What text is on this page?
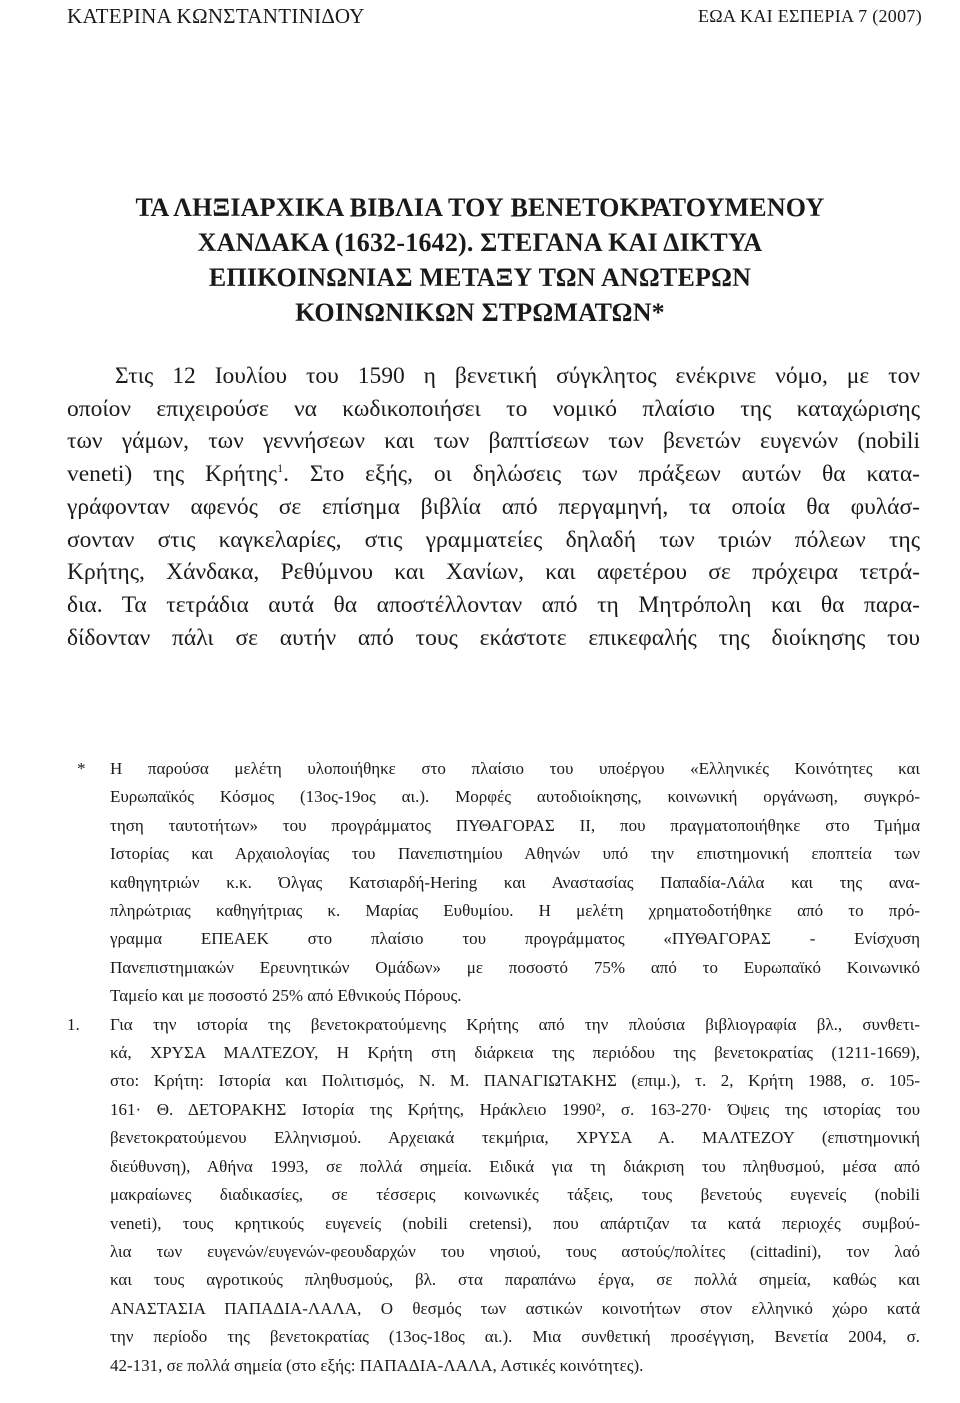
ΚΑΤΕΡΙΝΑ ΚΩΝΣΤΑΝΤΙΝΙΔΟΥ	ΕΩΑ ΚΑΙ ΕΣΠΕΡΙΑ 7 (2007)
ΤΑ ΛΗΞΙΑΡΧΙΚΑ ΒΙΒΛΙΑ ΤΟΥ ΒΕΝΕΤΟΚΡΑΤΟΥΜΕΝΟΥ
ΧΑΝΔΑΚΑ (1632-1642). ΣΤΕΓΑΝΑ ΚΑΙ ΔΙΚΤΥΑ
ΕΠΙΚΟΙΝΩΝΙΑΣ ΜΕΤΑΞΥ ΤΩΝ ΑΝΩΤΕΡΩΝ
ΚΟΙΝΩΝΙΚΩΝ ΣΤΡΩΜΑΤΩΝ*
Στις 12 Ιουλίου του 1590 η βενετική σύγκλητος ενέκρινε νόμο, με τον
οποίον επιχειρούσε να κωδικοποιήσει το νομικό πλαίσιο της καταχώρισης
των γάμων, των γεννήσεων και των βαπτίσεων των βενετών ευγενών (nobili
veneti) της Κρήτης$^1$. Στο εξής, οι δηλώσεις των πράξεων αυτών θα κατα-
γράφονταν αφενός σε επίσημα βιβλία από περγαμηνή, τα οποία θα φυλάσ-
σονταν στις καγκελαρίες, στις γραμματείες δηλαδή των τριών πόλεων της
Κρήτης, Χάνδακα, Ρεθύμνου και Χανίων, και αφετέρου σε πρόχειρα τετρά-
δια. Τα τετράδια αυτά θα αποστέλλονταν από τη Μητρόπολη και θα παρα-
δίδονταν πάλι σε αυτήν από τους εκάστοτε επικεφαλής της διοίκησης του
* Η παρούσα μελέτη υλοποιήθηκε στο πλαίσιο του υποέργου «Ελληνικές Κοινότητες και
Ευρωπαϊκός Κόσμος (13ος-19ος αι.). Μορφές αυτοδιοίκησης, κοινωνική οργάνωση, συγκρό-
τηση ταυτοτήτων» του προγράμματος ΠΥΘΑΓΟΡΑΣ ΙΙ, που πραγματοποιήθηκε στο Τμήμα
Ιστορίας και Αρχαιολογίας του Πανεπιστημίου Αθηνών υπό την επιστημονική εποπτεία των
καθηγητριών κ.κ. Όλγας Κατσιαρδή-Hering και Αναστασίας Παπαδία-Λάλα και της ανα-
πληρώτριας καθηγήτριας κ. Μαρίας Ευθυμίου. Η μελέτη χρηματοδοτήθηκε από το πρό-
γραμμα ΕΠΕΑΕΚ στο πλαίσιο του προγράμματος «ΠΥΘΑΓΟΡΑΣ - Ενίσχυση
Πανεπιστημιακών Ερευνητικών Ομάδων» με ποσοστό 75% από το Ευρωπαϊκό Κοινωνικό
Ταμείο και με ποσοστό 25% από Εθνικούς Πόρους.
1. Για την ιστορία της βενετοκρατούμενης Κρήτης από την πλούσια βιβλιογραφία βλ., συνθετι-
κά, ΧΡΥΣΑ ΜΑΛΤΕΖΟΥ, Η Κρήτη στη διάρκεια της περιόδου της βενετοκρατίας (1211-1669),
στο: Κρήτη: Ιστορία και Πολιτισμός, Ν. Μ. ΠΑΝΑΓΙΩΤΑΚΗΣ (επιμ.), τ. 2, Κρήτη 1988, σ. 105-
161· Θ. ΔΕΤΟΡΑΚΗΣ Ιστορία της Κρήτης, Ηράκλειο 1990², σ. 163-270· Όψεις της ιστορίας του
βενετοκρατούμενου Ελληνισμού. Αρχειακά τεκμήρια, ΧΡΥΣΑ Α. ΜΑΛΤΕΖΟΥ (επιστημονική
διεύθυνση), Αθήνα 1993, σε πολλά σημεία. Ειδικά για τη διάκριση του πληθυσμού, μέσα από
μακραίωνες διαδικασίες, σε τέσσερις κοινωνικές τάξεις, τους βενετούς ευγενείς (nobili
veneti), τους κρητικούς ευγενείς (nobili cretensi), που απάρτιζαν τα κατά περιοχές συμβού-
λια των ευγενών/ευγενών-φεουδαρχών του νησιού, τους αστούς/πολίτες (cittadini), τον λαό
και τους αγροτικούς πληθυσμούς, βλ. στα παραπάνω έργα, σε πολλά σημεία, καθώς και
ΑΝΑΣΤΑΣΙΑ ΠΑΠΑΔΙΑ-ΛΑΛΑ, Ο θεσμός των αστικών κοινοτήτων στον ελληνικό χώρο κατά
την περίοδο της βενετοκρατίας (13ος-18ος αι.). Μια συνθετική προσέγγιση, Βενετία 2004, σ.
42-131, σε πολλά σημεία (στο εξής: ΠΑΠΑΔΙΑ-ΛΑΛΑ, Αστικές κοινότητες).
